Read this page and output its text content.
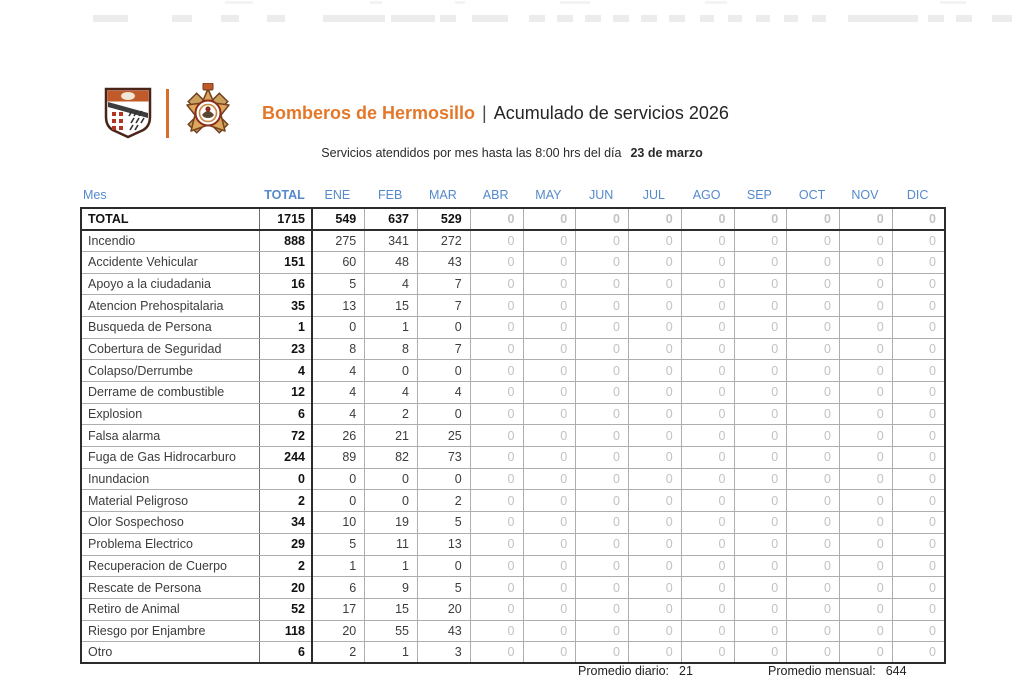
Bomberos de Hermosillo | Acumulado de servicios 2026
Servicios atendidos por mes hasta las 8:00 hrs del día 23 de marzo
Mes	TOTAL	ENE	FEB	MAR	ABR	MAY	JUN	JUL	AGO	SEP	OCT	NOV	DIC
TOTAL	1715	549	637	529	0	0	0	0	0	0	0	0	0
Incendio	888	275	341	272	0	0	0	0	0	0	0	0	0
Accidente Vehicular	151	60	48	43	0	0	0	0	0	0	0	0	0
Apoyo a la ciudadania	16	5	4	7	0	0	0	0	0	0	0	0	0
Atencion Prehospitalaria	35	13	15	7	0	0	0	0	0	0	0	0	0
Busqueda de Persona	1	0	1	0	0	0	0	0	0	0	0	0	0
Cobertura de Seguridad	23	8	8	7	0	0	0	0	0	0	0	0	0
Colapso/Derrumbe	4	4	0	0	0	0	0	0	0	0	0	0	0
Derrame de combustible	12	4	4	4	0	0	0	0	0	0	0	0	0
Explosion	6	4	2	0	0	0	0	0	0	0	0	0	0
Falsa alarma	72	26	21	25	0	0	0	0	0	0	0	0	0
Fuga de Gas Hidrocarburo	244	89	82	73	0	0	0	0	0	0	0	0	0
Inundacion	0	0	0	0	0	0	0	0	0	0	0	0	0
Material Peligroso	2	0	0	2	0	0	0	0	0	0	0	0	0
Olor Sospechoso	34	10	19	5	0	0	0	0	0	0	0	0	0
Problema Electrico	29	5	11	13	0	0	0	0	0	0	0	0	0
Recuperacion de Cuerpo	2	1	1	0	0	0	0	0	0	0	0	0	0
Rescate de Persona	20	6	9	5	0	0	0	0	0	0	0	0	0
Retiro de Animal	52	17	15	20	0	0	0	0	0	0	0	0	0
Riesgo por Enjambre	118	20	55	43	0	0	0	0	0	0	0	0	0
Otro	6	2	1	3	0	0	0	0	0	0	0	0	0
Promedio diario: 21	Promedio mensual: 644
